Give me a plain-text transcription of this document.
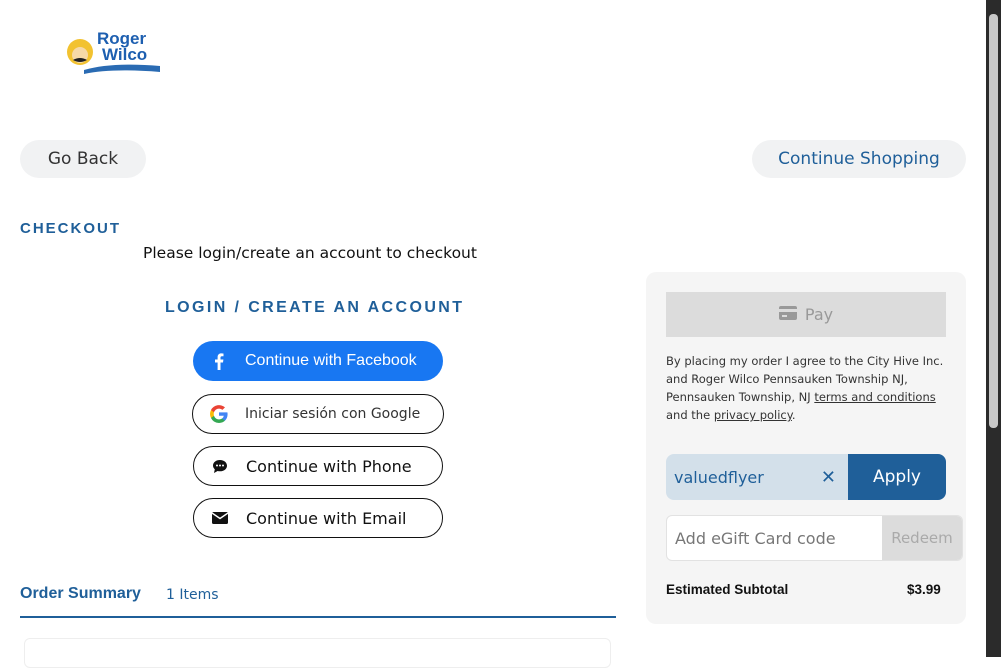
Roger
Wilco
Go Back	Continue Shopping
CHECKOUT
Please login/create an account to checkout
LOGIN / CREATE AN ACCOUNT
Continue with Facebook
Iniciar sesión con Google
Continue with Phone
Continue with Email
Order Summary 1 Items
Pay
By placing my order I agree to the City Hive Inc. and Roger Wilco Pennsauken Township NJ, Pennsauken Township, NJ terms and conditions and the privacy policy.
valuedflyer	✕	Apply
Add eGift Card code	Redeem
Estimated Subtotal	$3.99
